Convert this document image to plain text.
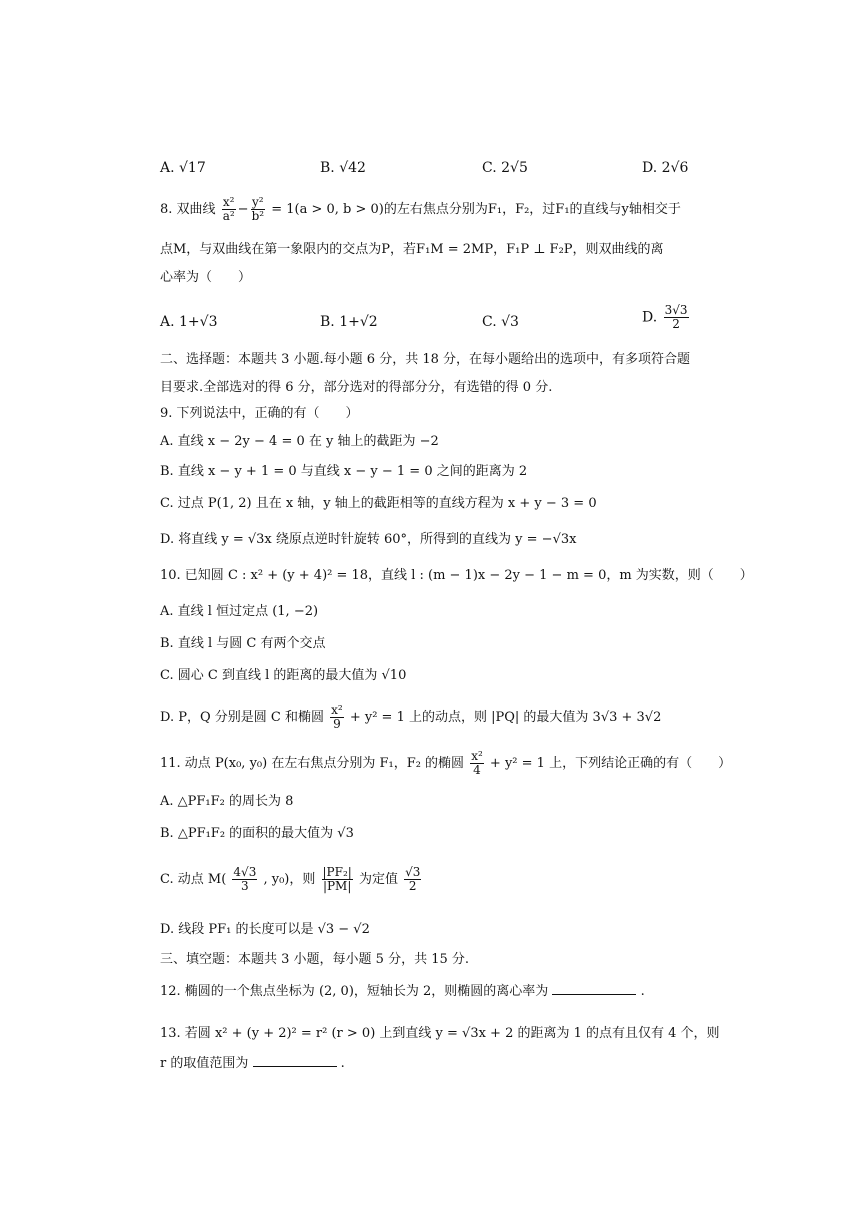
A. √17	B. √42	C. 2√5	D. 2√6
8. 双曲线 $\frac{\text{x²}}{\text{a²}} - \frac{\text{y²}}{\text{b²}} = 1(a > 0$, b > 0)的左右焦点分别为F₁，F₂，过F₁的直线与y轴相交于
点M，与双曲线在第一象限内的交点为P，若F₁M = 2MP，F₁P ⊥ F₂P，则双曲线的离
心率为（　　）
A. 1+√3	B. 1+√2	C. √3	D. $\frac{3√3}{2}$
二、选择题：本题共 3 小题.每小题 6 分，共 18 分，在每小题给出的选项中，有多项符合题
目要求.全部选对的得 6 分，部分选对的得部分分，有选错的得 0 分.
9. 下列说法中，正确的有（　　）
A. 直线 x − 2y − 4 = 0 在 y 轴上的截距为 −2
B. 直线 x − y + 1 = 0 与直线 x − y − 1 = 0 之间的距离为 2
C. 过点 P(1, 2) 且在 x 轴，y 轴上的截距相等的直线方程为 x + y − 3 = 0
D. 将直线 y = √3x 绕原点逆时针旋转 60°，所得到的直线为 y = −√3x
10. 已知圆 C : x² + (y + 4)² = 18，直线 l : (m − 1)x − 2y − 1 − m = 0，m 为实数，则（　　）
A. 直线 l 恒过定点 (1, −2)
B. 直线 l 与圆 C 有两个交点
C. 圆心 C 到直线 l 的距离的最大值为 √10
D. P，Q 分别是圆 C 和椭圆 $\frac{\text{x²}}{9} + y^2 = 1$ 上的动点，则 |PQ| 的最大值为 3√3 + 3√2
11. 动点 P(x₀, y₀) 在左右焦点分别为 F₁，F₂ 的椭圆 $\frac{\text{x²}}{4} + y^2 = 1$ 上，下列结论正确的有（　　）
A. △PF₁F₂ 的周长为 8
B. △PF₁F₂ 的面积的最大值为 √3
C. 动点 $M( \frac{4√3}{3}$ , y₀)，则 $\frac{\text{|PF₂|}}{|PM|}$ 为定值 $\frac{√3}{2}$
D. 线段 PF₁ 的长度可以是 √3 − √2
三、填空题：本题共 3 小题，每小题 5 分，共 15 分.
12. 椭圆的一个焦点坐标为 (2, 0)，短轴长为 2，则椭圆的离心率为	.
13. 若圆 x² + (y + 2)² = r² (r > 0) 上到直线 y = √3x + 2 的距离为 1 的点有且仅有 4 个，则
r 的取值范围为	.
